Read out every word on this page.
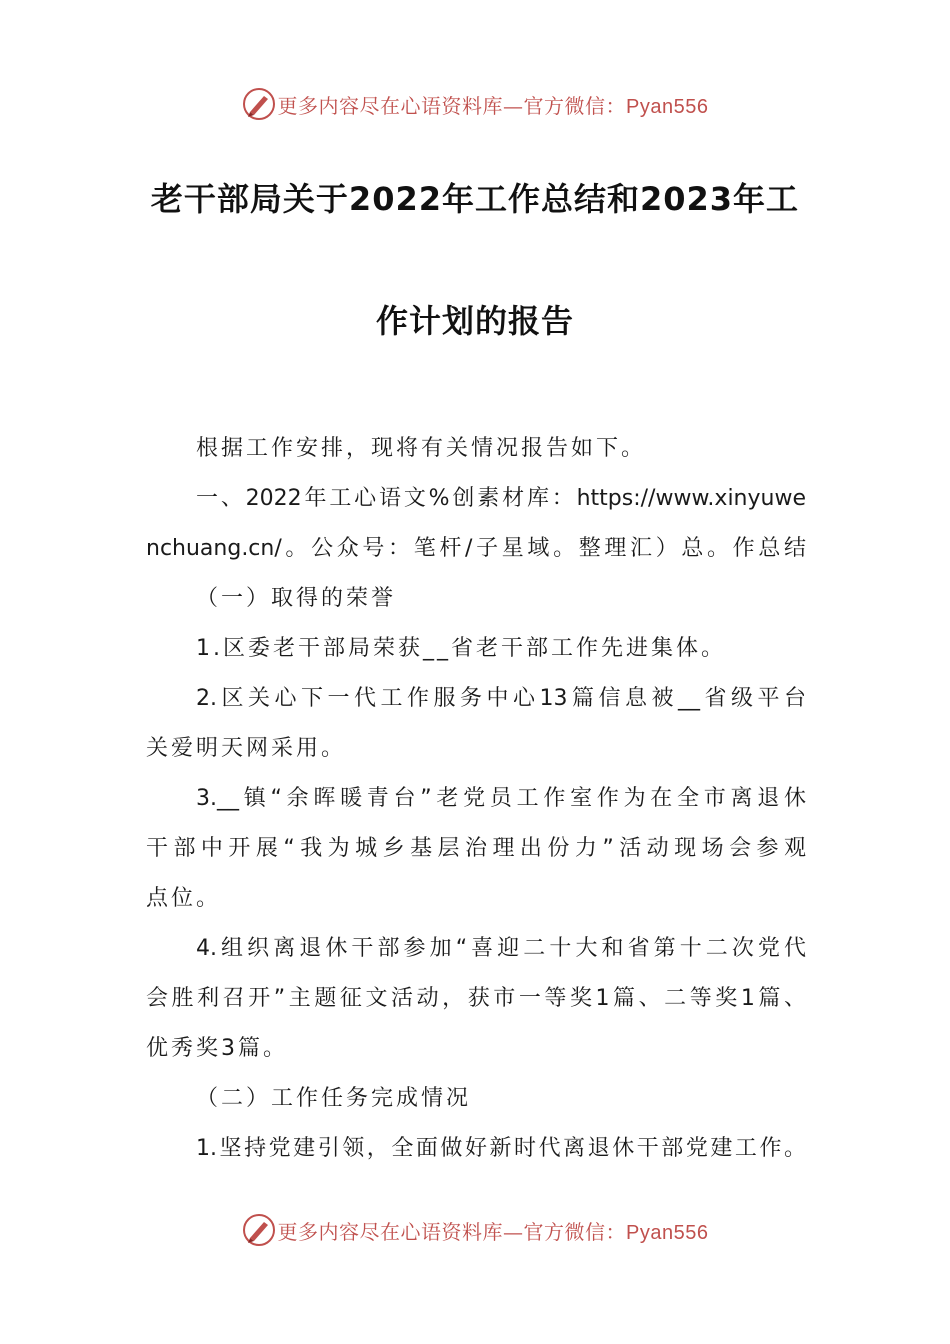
更多内容尽在心语资料库—官方微信：Pyan556
老干部局关于2022年工作总结和2023年工
作计划的报告
根据工作安排，现将有关情况报告如下。
一、2022年工心语文%创素材库：https://www.xinyuwe
nchuang.cn/。公众号：笔杆/子星域。整理汇）总。作总结
（一）取得的荣誉
1.区委老干部局荣获__省老干部工作先进集体。
2.区关心下一代工作服务中心13篇信息被__省级平台
关爱明天网采用。
3.__镇“余晖暖青台”老党员工作室作为在全市离退休
干部中开展“我为城乡基层治理出份力”活动现场会参观
点位。
4.组织离退休干部参加“喜迎二十大和省第十二次党代
会胜利召开”主题征文活动，获市一等奖1篇、二等奖1篇、
优秀奖3篇。
（二）工作任务完成情况
1.坚持党建引领，全面做好新时代离退休干部党建工作。
更多内容尽在心语资料库—官方微信：Pyan556
